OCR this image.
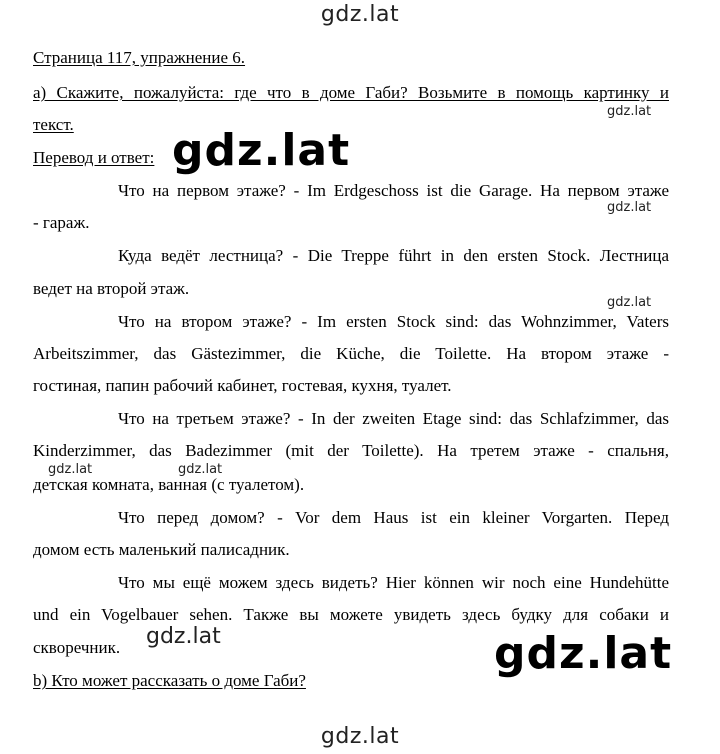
gdz.lat
Страница 117, упражнение 6.
а) Скажите, пожалуйста: где что в доме Габи? Возьмите в помощь картинку и
текст.
gdz.lat
Перевод и ответ: gdz.lat
Что на первом этаже? - Im Erdgeschoss ist die Garage. На первом этаже
- гараж.
gdz.lat
Куда ведёт лестница? - Die Treppe führt in den ersten Stock. Лестница
ведет на второй этаж.
gdz.lat
Что на втором этаже? - Im ersten Stock sind: das Wohnzimmer, Vaters
Arbeitszimmer, das Gästezimmer, die Küche, die Toilette. На втором этаже -
гостиная, папин рабочий кабинет, гостевая, кухня, туалет.
Что на третьем этаже? - In der zweiten Etage sind: das Schlafzimmer, das
Kinderzimmer, das Badezimmer (mit der Toilette). На третем этаже - спальня,
gdz.lat	gdz.lat
детская комната, ванная (с туалетом).
Что перед домом? - Vor dem Haus ist ein kleiner Vorgarten. Перед
домом есть маленький палисадник.
Что мы ещё можем здесь видеть? Hier können wir noch eine Hundehütte
und ein Vogelbauer sehen. Также вы можете увидеть здесь будку для собаки и
скворечник.	gdz.lat	gdz.lat
b) Кто может рассказать о доме Габи?
gdz.lat
